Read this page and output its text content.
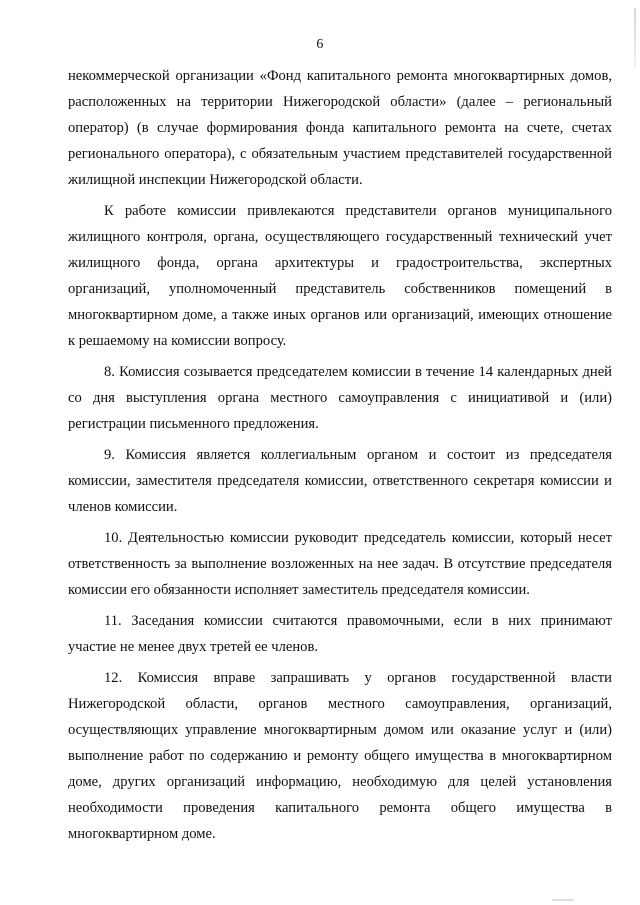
6

некоммерческой организации «Фонд капитального ремонта многоквартирных домов, расположенных на территории Нижегородской области» (далее – региональный оператор) (в случае формирования фонда капитального ремонта на счете, счетах регионального оператора), с обязательным участием представителей государственной жилищной инспекции Нижегородской области.

К работе комиссии привлекаются представители органов муниципального жилищного контроля, органа, осуществляющего государственный технический учет жилищного фонда, органа архитектуры и градостроительства, экспертных организаций, уполномоченный представитель собственников помещений в многоквартирном доме, а также иных органов или организаций, имеющих отношение к решаемому на комиссии вопросу.

8. Комиссия созывается председателем комиссии в течение 14 календарных дней со дня выступления органа местного самоуправления с инициативой и (или) регистрации письменного предложения.

9. Комиссия является коллегиальным органом и состоит из председателя комиссии, заместителя председателя комиссии, ответственного секретаря комиссии и членов комиссии.

10. Деятельностью комиссии руководит председатель комиссии, который несет ответственность за выполнение возложенных на нее задач. В отсутствие председателя комиссии его обязанности исполняет заместитель председателя комиссии.

11. Заседания комиссии считаются правомочными, если в них принимают участие не менее двух третей ее членов.

12. Комиссия вправе запрашивать у органов государственной власти Нижегородской области, органов местного самоуправления, организаций, осуществляющих управление многоквартирным домом или оказание услуг и (или) выполнение работ по содержанию и ремонту общего имущества в многоквартирном доме, других организаций информацию, необходимую для целей установления необходимости проведения капитального ремонта общего имущества в многоквартирном доме.
